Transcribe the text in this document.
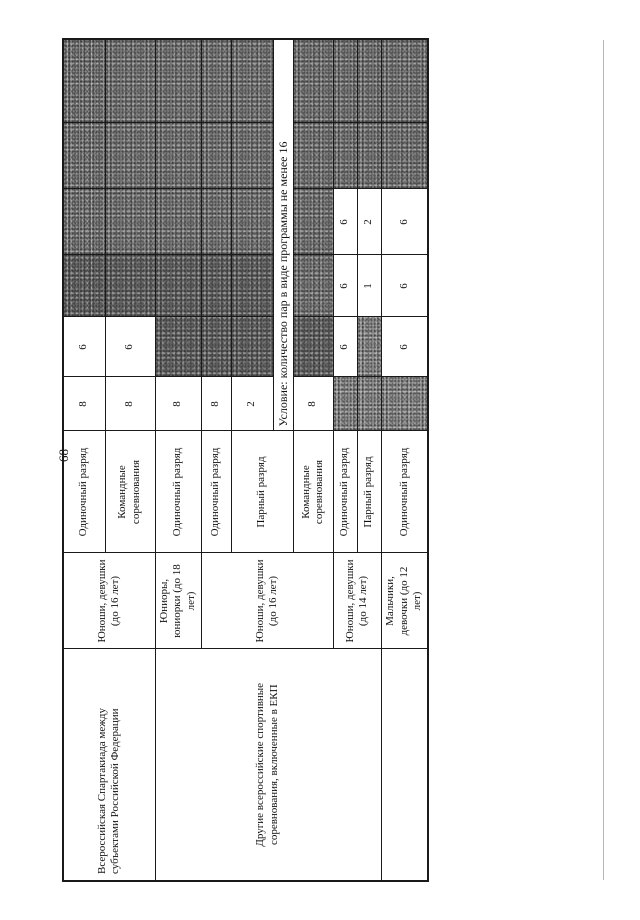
68
Всероссийская Спартакиада между субъектами Российской Федерации	Юноши, девушки (до 16 лет)	Одиночный разряд	8	6				
		Командные соревнования	8	6				
Другие всероссийские спортивные соревнования, включенные в ЕКП	Юниоры, юниорки (до 18 лет)	Одиночный разряд	8					
	Юноши, девушки (до 16 лет)	Одиночный разряд	8					
		Парный разряд	2					
			Условие: количество пар в виде программы не менее 16					
		Командные соревнования	8					
	Юноши, девушки (до 14 лет)	Одиночный разряд		6	6	6		
		Парный разряд			1	2		
	Мальчики, девочки (до 12 лет)	Одиночный разряд		6	6	6		
